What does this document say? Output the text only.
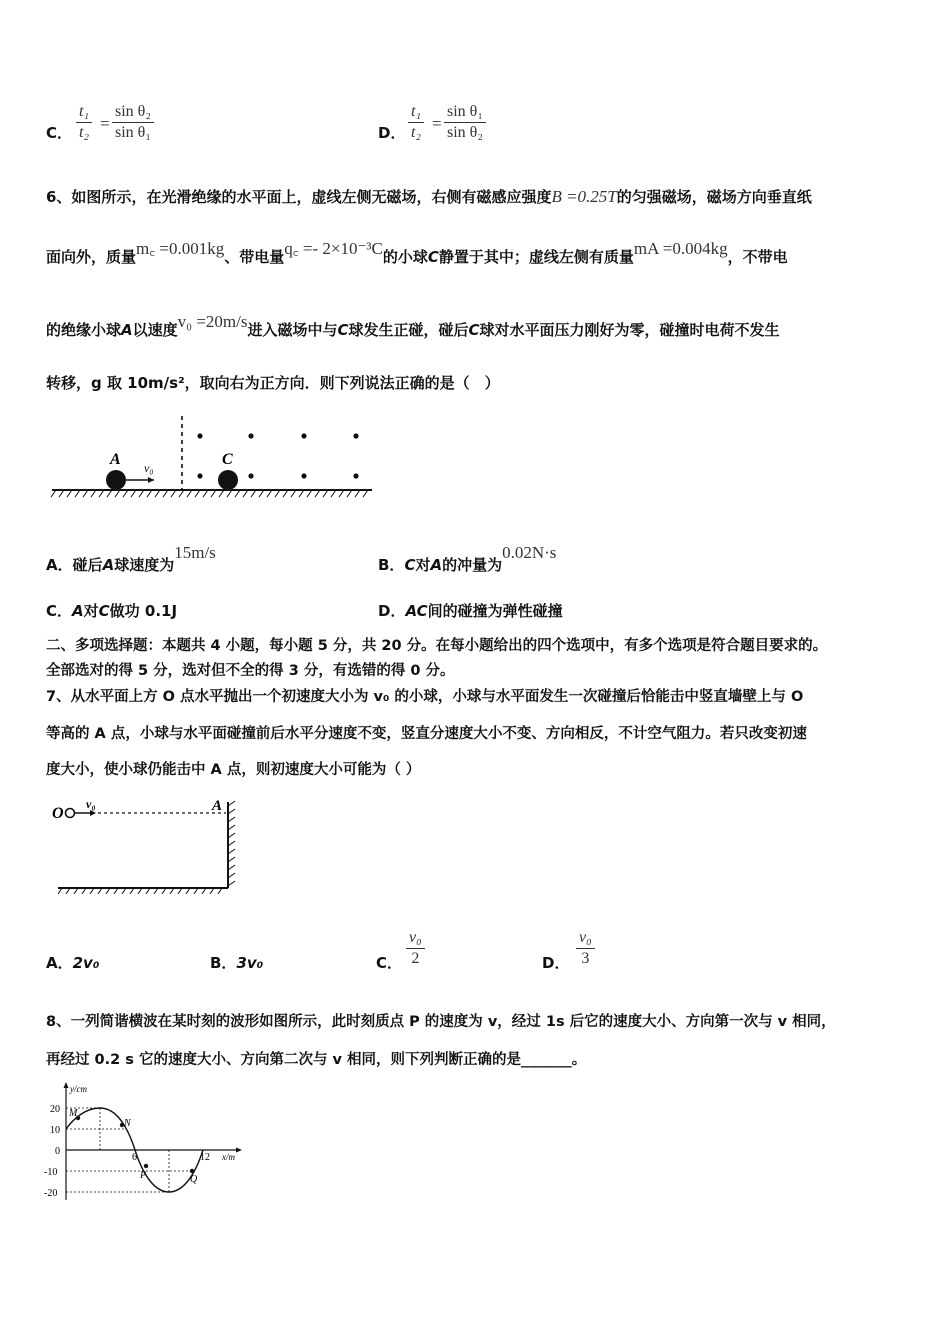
C． $\frac{\text{t₁}}{\text{t₂}} = \frac{\text{sin θ₂}}{\text{sin θ₁}}$	D． $\frac{\text{t₁}}{\text{t₂}} = \frac{\text{sin θ₁}}{\text{sin θ₂}}$
6、如图所示，在光滑绝缘的水平面上，虚线左侧无磁场，右侧有磁感应强度B =0.25T的匀强磁场，磁场方向垂直纸
面向外，质量m꜀ =0.001kg、带电量q꜀ =- 2×10⁻³C的小球C静置于其中；虚线左侧有质量mA =0.004kg，不带电
的绝缘小球A以速度v₀ =20m/s进入磁场中与C球发生正碰，碰后C球对水平面压力刚好为零，碰撞时电荷不发生
转移，g 取 10m/s²，取向右为正方向．则下列说法正确的是（　）
A	C
v₀
A．碰后A球速度为15m/s
B．C对A的冲量为0.02N·s
C．A对C做功 0.1J	D．AC间的碰撞为弹性碰撞
二、多项选择题：本题共 4 小题，每小题 5 分，共 20 分。在每小题给出的四个选项中，有多个选项是符合题目要求的。
全部选对的得 5 分，选对但不全的得 3 分，有选错的得 0 分。
7、从水平面上方 O 点水平抛出一个初速度大小为 v₀ 的小球，小球与水平面发生一次碰撞后恰能击中竖直墙壁上与 O
等高的 A 点，小球与水平面碰撞前后水平分速度不变，竖直分速度大小不变、方向相反，不计空气阻力。若只改变初速
度大小，使小球仍能击中 A 点，则初速度大小可能为（ ）
O
v₀	A
A．2v₀	B．3v₀	C． $\frac{\text{v₀}}{2}$	D． $\frac{\text{v₀}}{3}$
8、一列简谐横波在某时刻的波形如图所示，此时刻质点 P 的速度为 v，经过 1s 后它的速度大小、方向第一次与 v 相同，
再经过 0.2 s 它的速度大小、方向第二次与 v 相同，则下列判断正确的是_______。
y/cm
x/m
20
10
0
-10
-20
6	12
M
N
P	Q
